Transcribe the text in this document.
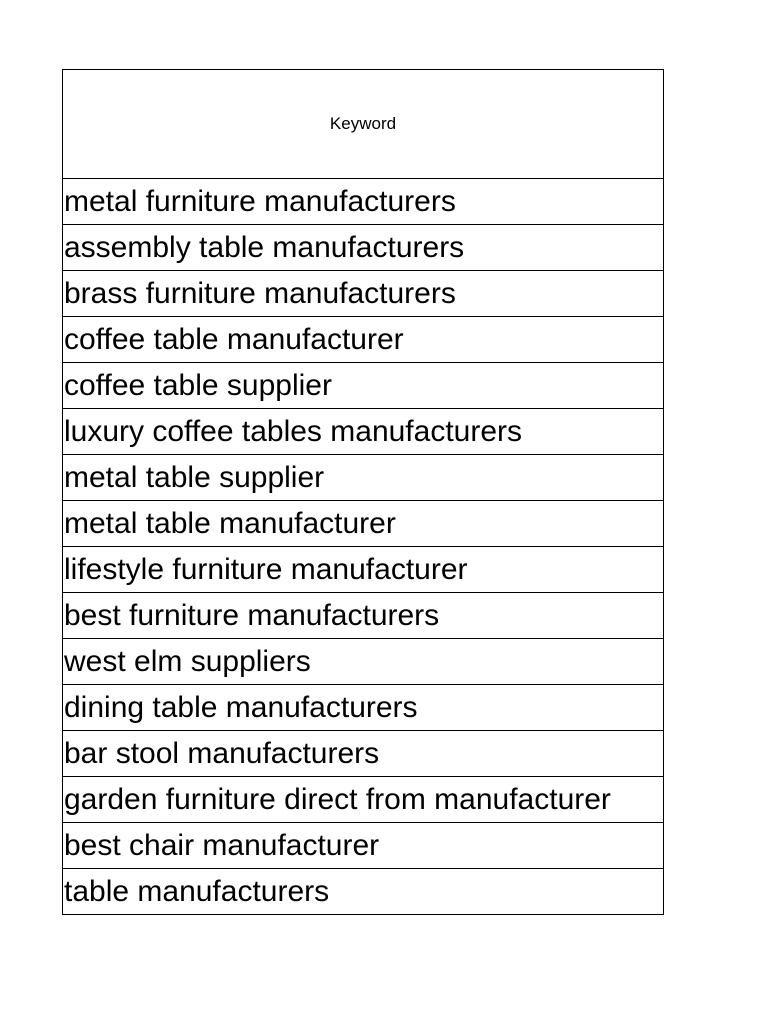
Keyword
metal furniture manufacturers
assembly table manufacturers
brass furniture manufacturers
coffee table manufacturer
coffee table supplier
luxury coffee tables manufacturers
metal table supplier
metal table manufacturer
lifestyle furniture manufacturer
best furniture manufacturers
west elm suppliers
dining table manufacturers
bar stool manufacturers
garden furniture direct from manufacturer
best chair manufacturer
table manufacturers
